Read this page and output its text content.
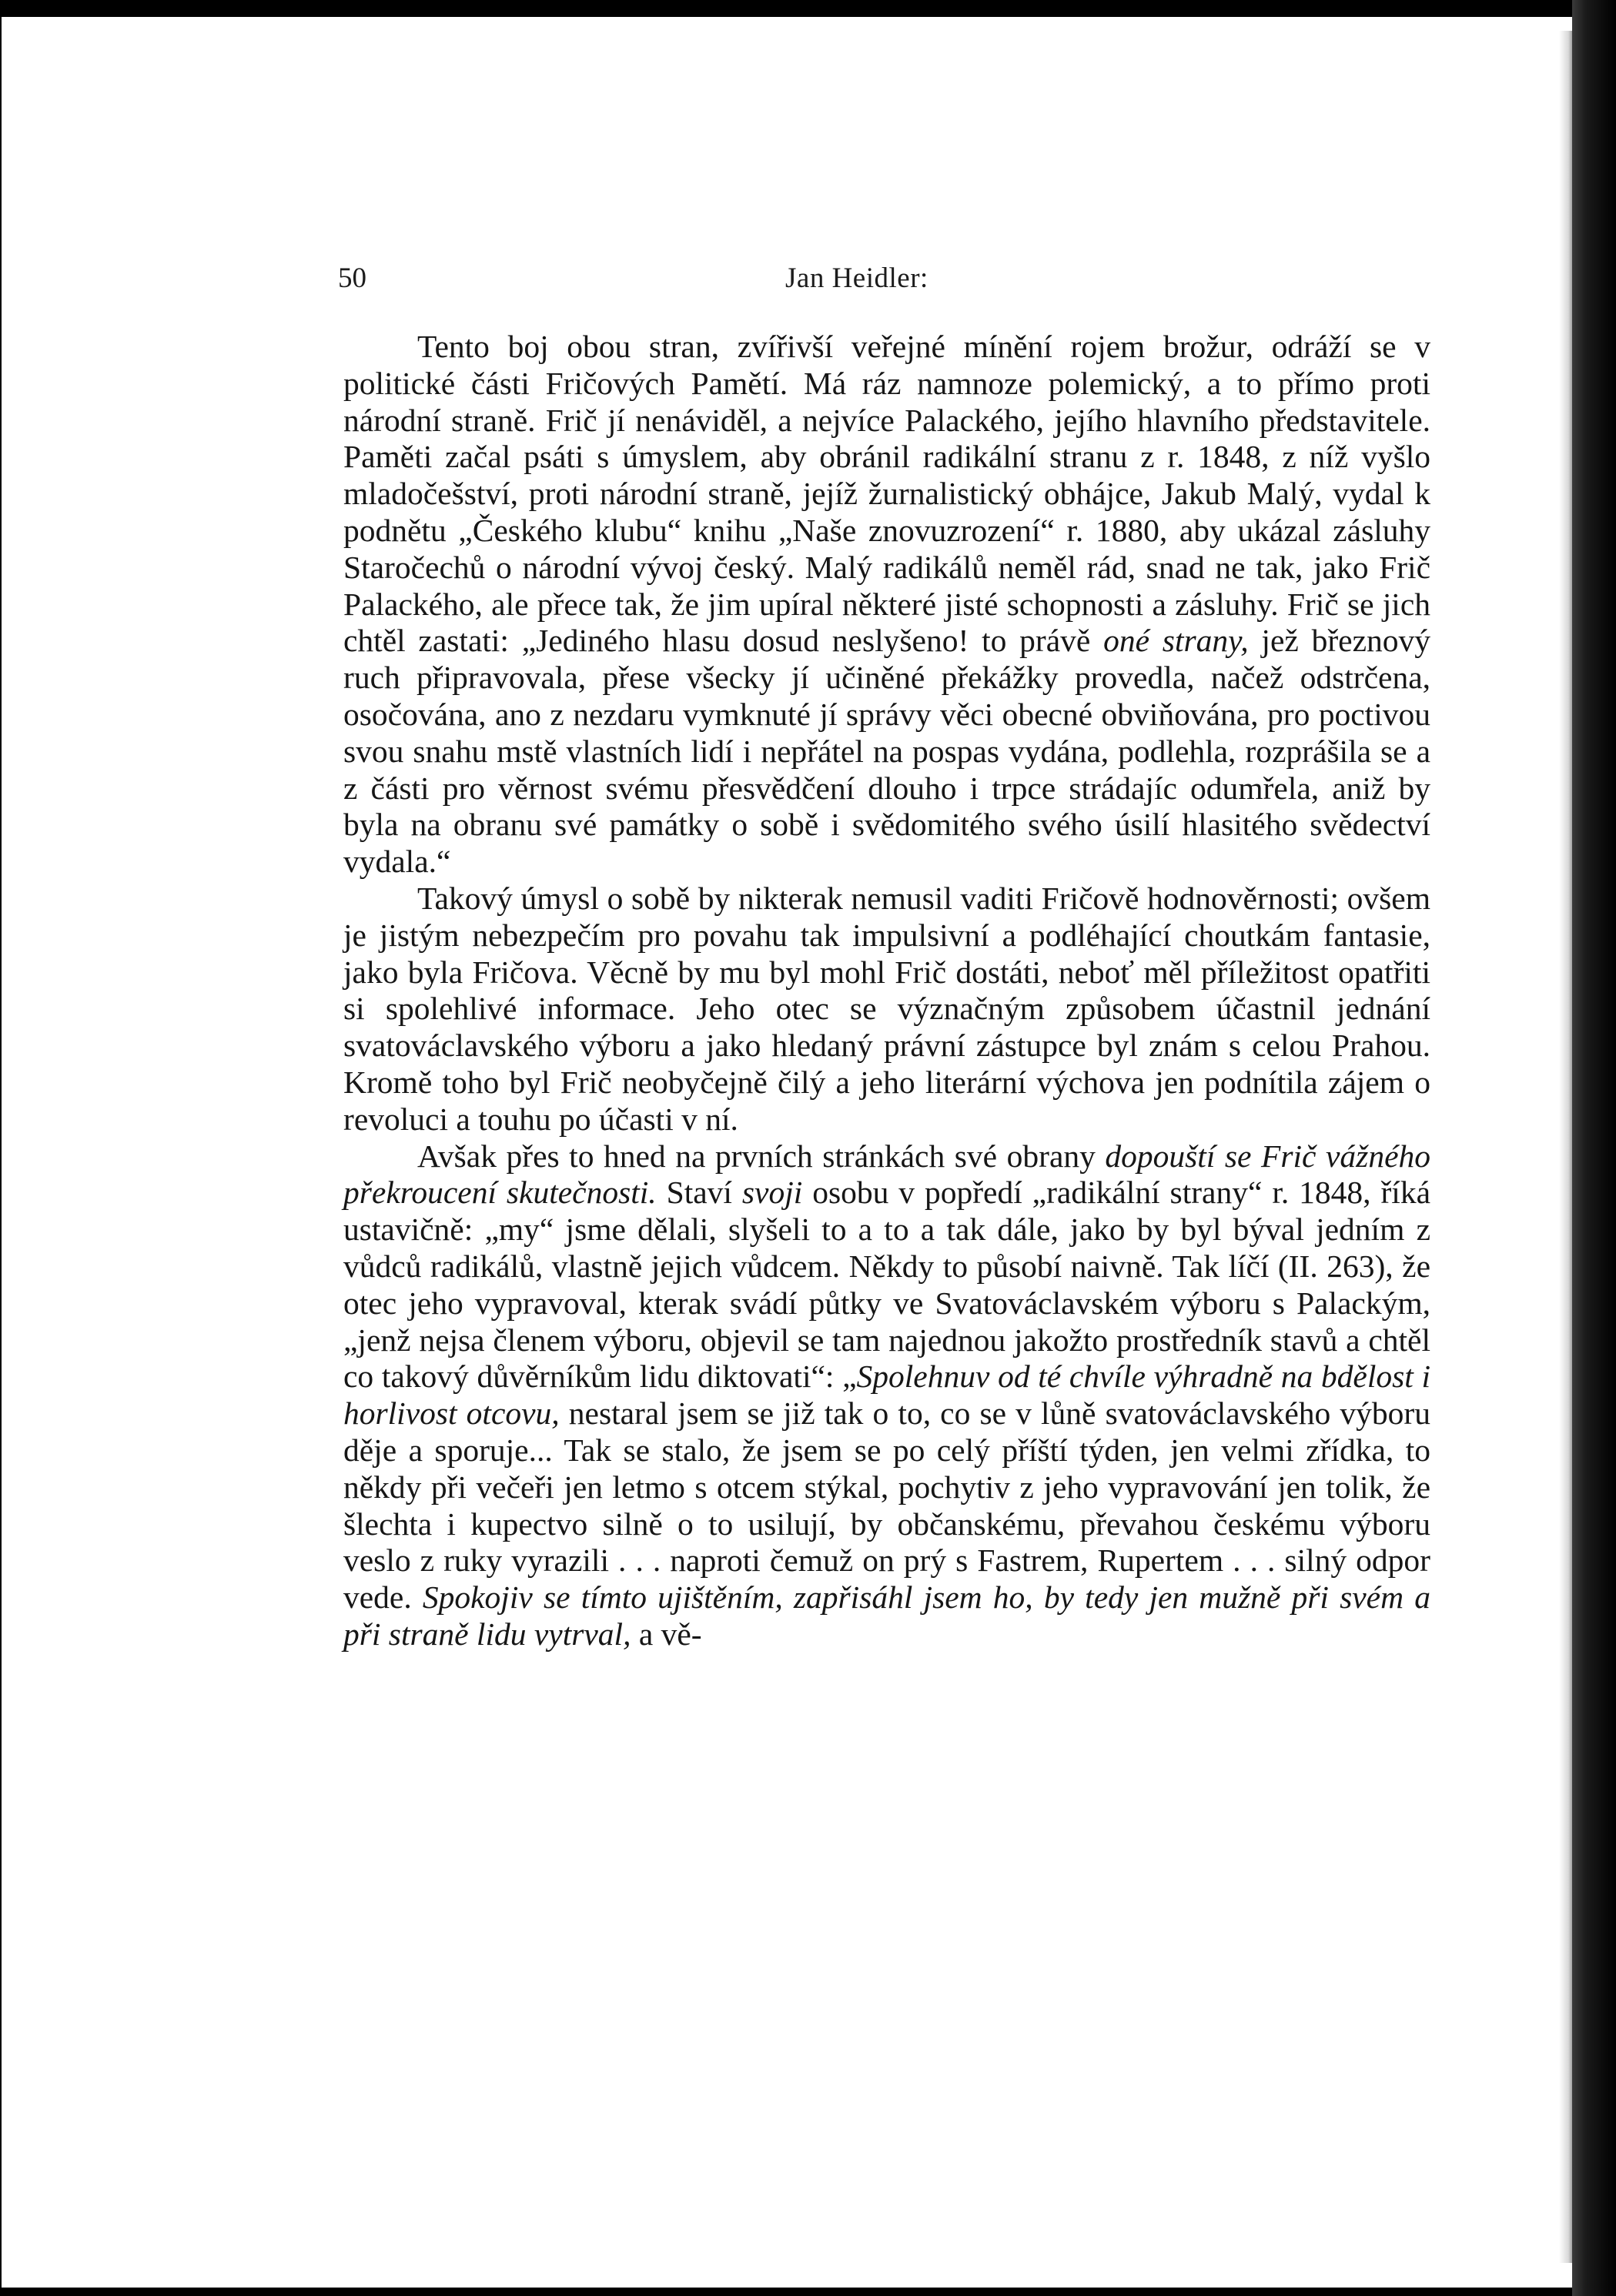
50	Jan Heidler:

Tento boj obou stran, zvířivší veřejné mínění rojem brožur, odráží se v politické části Fričových Pamětí. Má ráz namnoze polemický, a to přímo proti národní straně. Frič jí nenáviděl, a nejvíce Palackého, jejího hlavního představitele. Paměti začal psáti s úmyslem, aby obránil radikální stranu z r. 1848, z níž vyšlo mladočešství, proti národní straně, jejíž žurnalistický obhájce, Jakub Malý, vydal k podnětu „Českého klubu“ knihu „Naše znovuzrození“ r. 1880, aby ukázal zásluhy Staročechů o národní vývoj český. Malý radikálů neměl rád, snad ne tak, jako Frič Palackého, ale přece tak, že jim upíral některé jisté schopnosti a zásluhy. Frič se jich chtěl zastati: „Jediného hlasu dosud neslyšeno! to právě oné strany, jež březnový ruch připravovala, přese všecky jí učiněné překážky provedla, načež odstrčena, osočována, ano z nezdaru vymknuté jí správy věci obecné obviňována, pro poctivou svou snahu mstě vlastních lidí i nepřátel na pospas vydána, podlehla, rozprášila se a z části pro věrnost svému přesvědčení dlouho i trpce strádajíc odumřela, aniž by byla na obranu své památky o sobě i svědomitého svého úsilí hlasitého svědectví vydala.“

Takový úmysl o sobě by nikterak nemusil vaditi Fričově hodnověrnosti; ovšem je jistým nebezpečím pro povahu tak impulsivní a podléhající choutkám fantasie, jako byla Fričova. Věcně by mu byl mohl Frič dostáti, neboť měl příležitost opatřiti si spolehlivé informace. Jeho otec se význačným způsobem účastnil jednání svatováclavského výboru a jako hledaný právní zástupce byl znám s celou Prahou. Kromě toho byl Frič neobyčejně čilý a jeho literární výchova jen podnítila zájem o revoluci a touhu po účasti v ní.

Avšak přes to hned na prvních stránkách své obrany dopouští se Frič vážného překroucení skutečnosti. Staví svoji osobu v popředí „radikální strany“ r. 1848, říká ustavičně: „my“ jsme dělali, slyšeli to a to a tak dále, jako by byl býval jedním z vůdců radikálů, vlastně jejich vůdcem. Někdy to působí naivně. Tak líčí (II. 263), že otec jeho vypravoval, kterak svádí půtky ve Svatováclavském výboru s Palackým, „jenž nejsa členem výboru, objevil se tam najednou jakožto prostředník stavů a chtěl co takový důvěrníkům lidu diktovati“: „Spolehnuv od té chvíle výhradně na bdělost i horlivost otcovu, nestaral jsem se již tak o to, co se v lůně svatováclavského výboru děje a sporuje... Tak se stalo, že jsem se po celý příští týden, jen velmi zřídka, to někdy při večeři jen letmo s otcem stýkal, pochytiv z jeho vypravování jen tolik, že šlechta i kupectvo silně o to usilují, by občanskému, převahou českému výboru veslo z ruky vyrazili . . . naproti čemuž on prý s Fastrem, Rupertem . . . silný odpor vede. Spokojiv se tímto ujištěním, zapřisáhl jsem ho, by tedy jen mužně při svém a při straně lidu vytrval, a vě-
